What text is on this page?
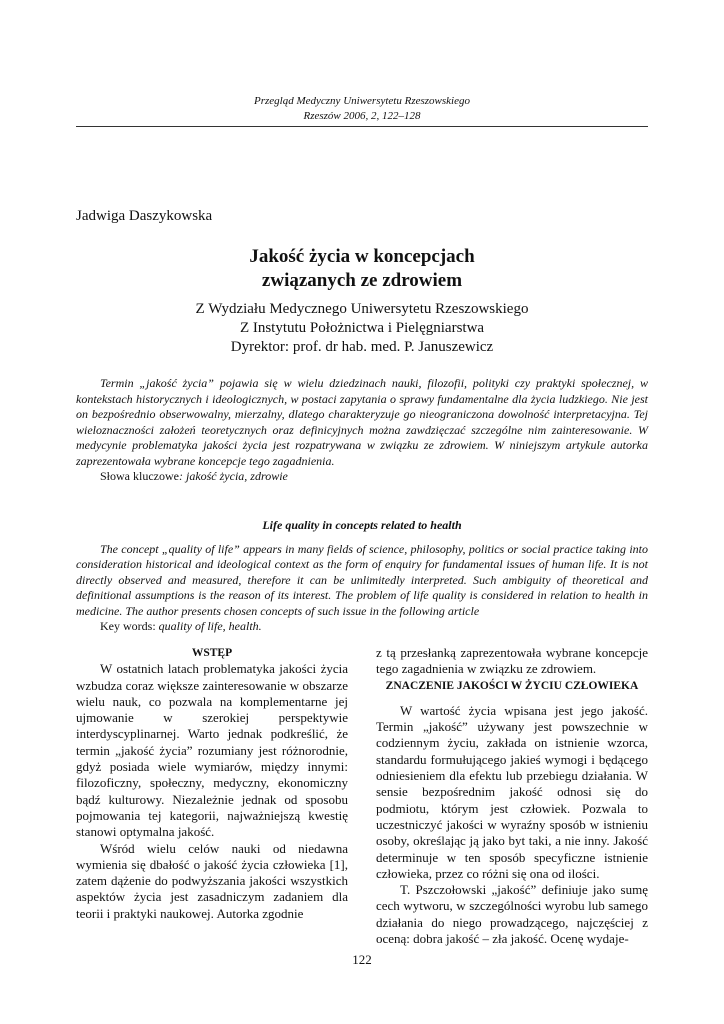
Przegląd Medyczny Uniwersytetu Rzeszowskiego
Rzeszów 2006, 2, 122–128
Jadwiga Daszykowska
Jakość życia w koncepcjach
związanych ze zdrowiem
Z Wydziału Medycznego Uniwersytetu Rzeszowskiego
Z Instytutu Położnictwa i Pielęgniarstwa
Dyrektor: prof. dr hab. med. P. Januszewicz

Termin „jakość życia” pojawia się w wielu dziedzinach nauki, filozofii, polityki czy praktyki społecznej, w kontekstach historycznych i ideologicznych, w postaci zapytania o sprawy fundamentalne dla życia ludzkiego. Nie jest on bezpośrednio obserwowalny, mierzalny, dlatego charakteryzuje go nieograniczona dowolność interpretacyjna. Tej wieloznaczności założeń teoretycznych oraz definicyjnych można zawdzięczać szczególne nim zainteresowanie. W medycynie problematyka jakości życia jest rozpatrywana w związku ze zdrowiem. W niniejszym artykule autorka zaprezentowała wybrane koncepcje tego zagadnienia.

Słowa kluczowe: jakość życia, zdrowie

Life quality in concepts related to health

The concept „quality of life” appears in many fields of science, philosophy, politics or social practice taking into consideration historical and ideological context as the form of enquiry for fundamental issues of human life. It is not directly observed and measured, therefore it can be unlimitedly interpreted. Such ambiguity of theoretical and definitional assumptions is the reason of its interest. The problem of life quality is considered in relation to health in medicine. The author presents chosen concepts of such issue in the following article

Key words: quality of life, health.

WSTĘP

W ostatnich latach problematyka jakości życia wzbudza coraz większe zainteresowanie w obszarze wielu nauk, co pozwala na komplementarne jej ujmowanie w szerokiej perspektywie interdyscyplinarnej. Warto jednak podkreślić, że termin „jakość życia” rozumiany jest różnorodnie, gdyż posiada wiele wymiarów, między innymi: filozoficzny, społeczny, medyczny, ekonomiczny bądź kulturowy. Niezależnie jednak od sposobu pojmowania tej kategorii, najważniejszą kwestię stanowi optymalna jakość.

Wśród wielu celów nauki od niedawna wymienia się dbałość o jakość życia człowieka [1], zatem dążenie do podwyższania jakości wszystkich aspektów życia jest zasadniczym zadaniem dla teorii i praktyki naukowej. Autorka zgodnie

z tą przesłanką zaprezentowała wybrane koncepcje tego zagadnienia w związku ze zdrowiem.

ZNACZENIE JAKOŚCI W ŻYCIU CZŁOWIEKA

W wartość życia wpisana jest jego jakość. Termin „jakość” używany jest powszechnie w codziennym życiu, zakłada on istnienie wzorca, standardu formułującego jakieś wymogi i będącego odniesieniem dla efektu lub przebiegu działania. W sensie bezpośrednim jakość odnosi się do podmiotu, którym jest człowiek. Pozwala to uczestniczyć jakości w wyraźny sposób w istnieniu osoby, określając ją jako byt taki, a nie inny. Jakość determinuje w ten sposób specyficzne istnienie człowieka, przez co różni się ona od ilości.

T. Pszczołowski „jakość” definiuje jako sumę cech wytworu, w szczególności wyrobu lub samego działania do niego prowadzącego, najczęściej z oceną: dobra jakość – zła jakość. Ocenę wydaje-

122
